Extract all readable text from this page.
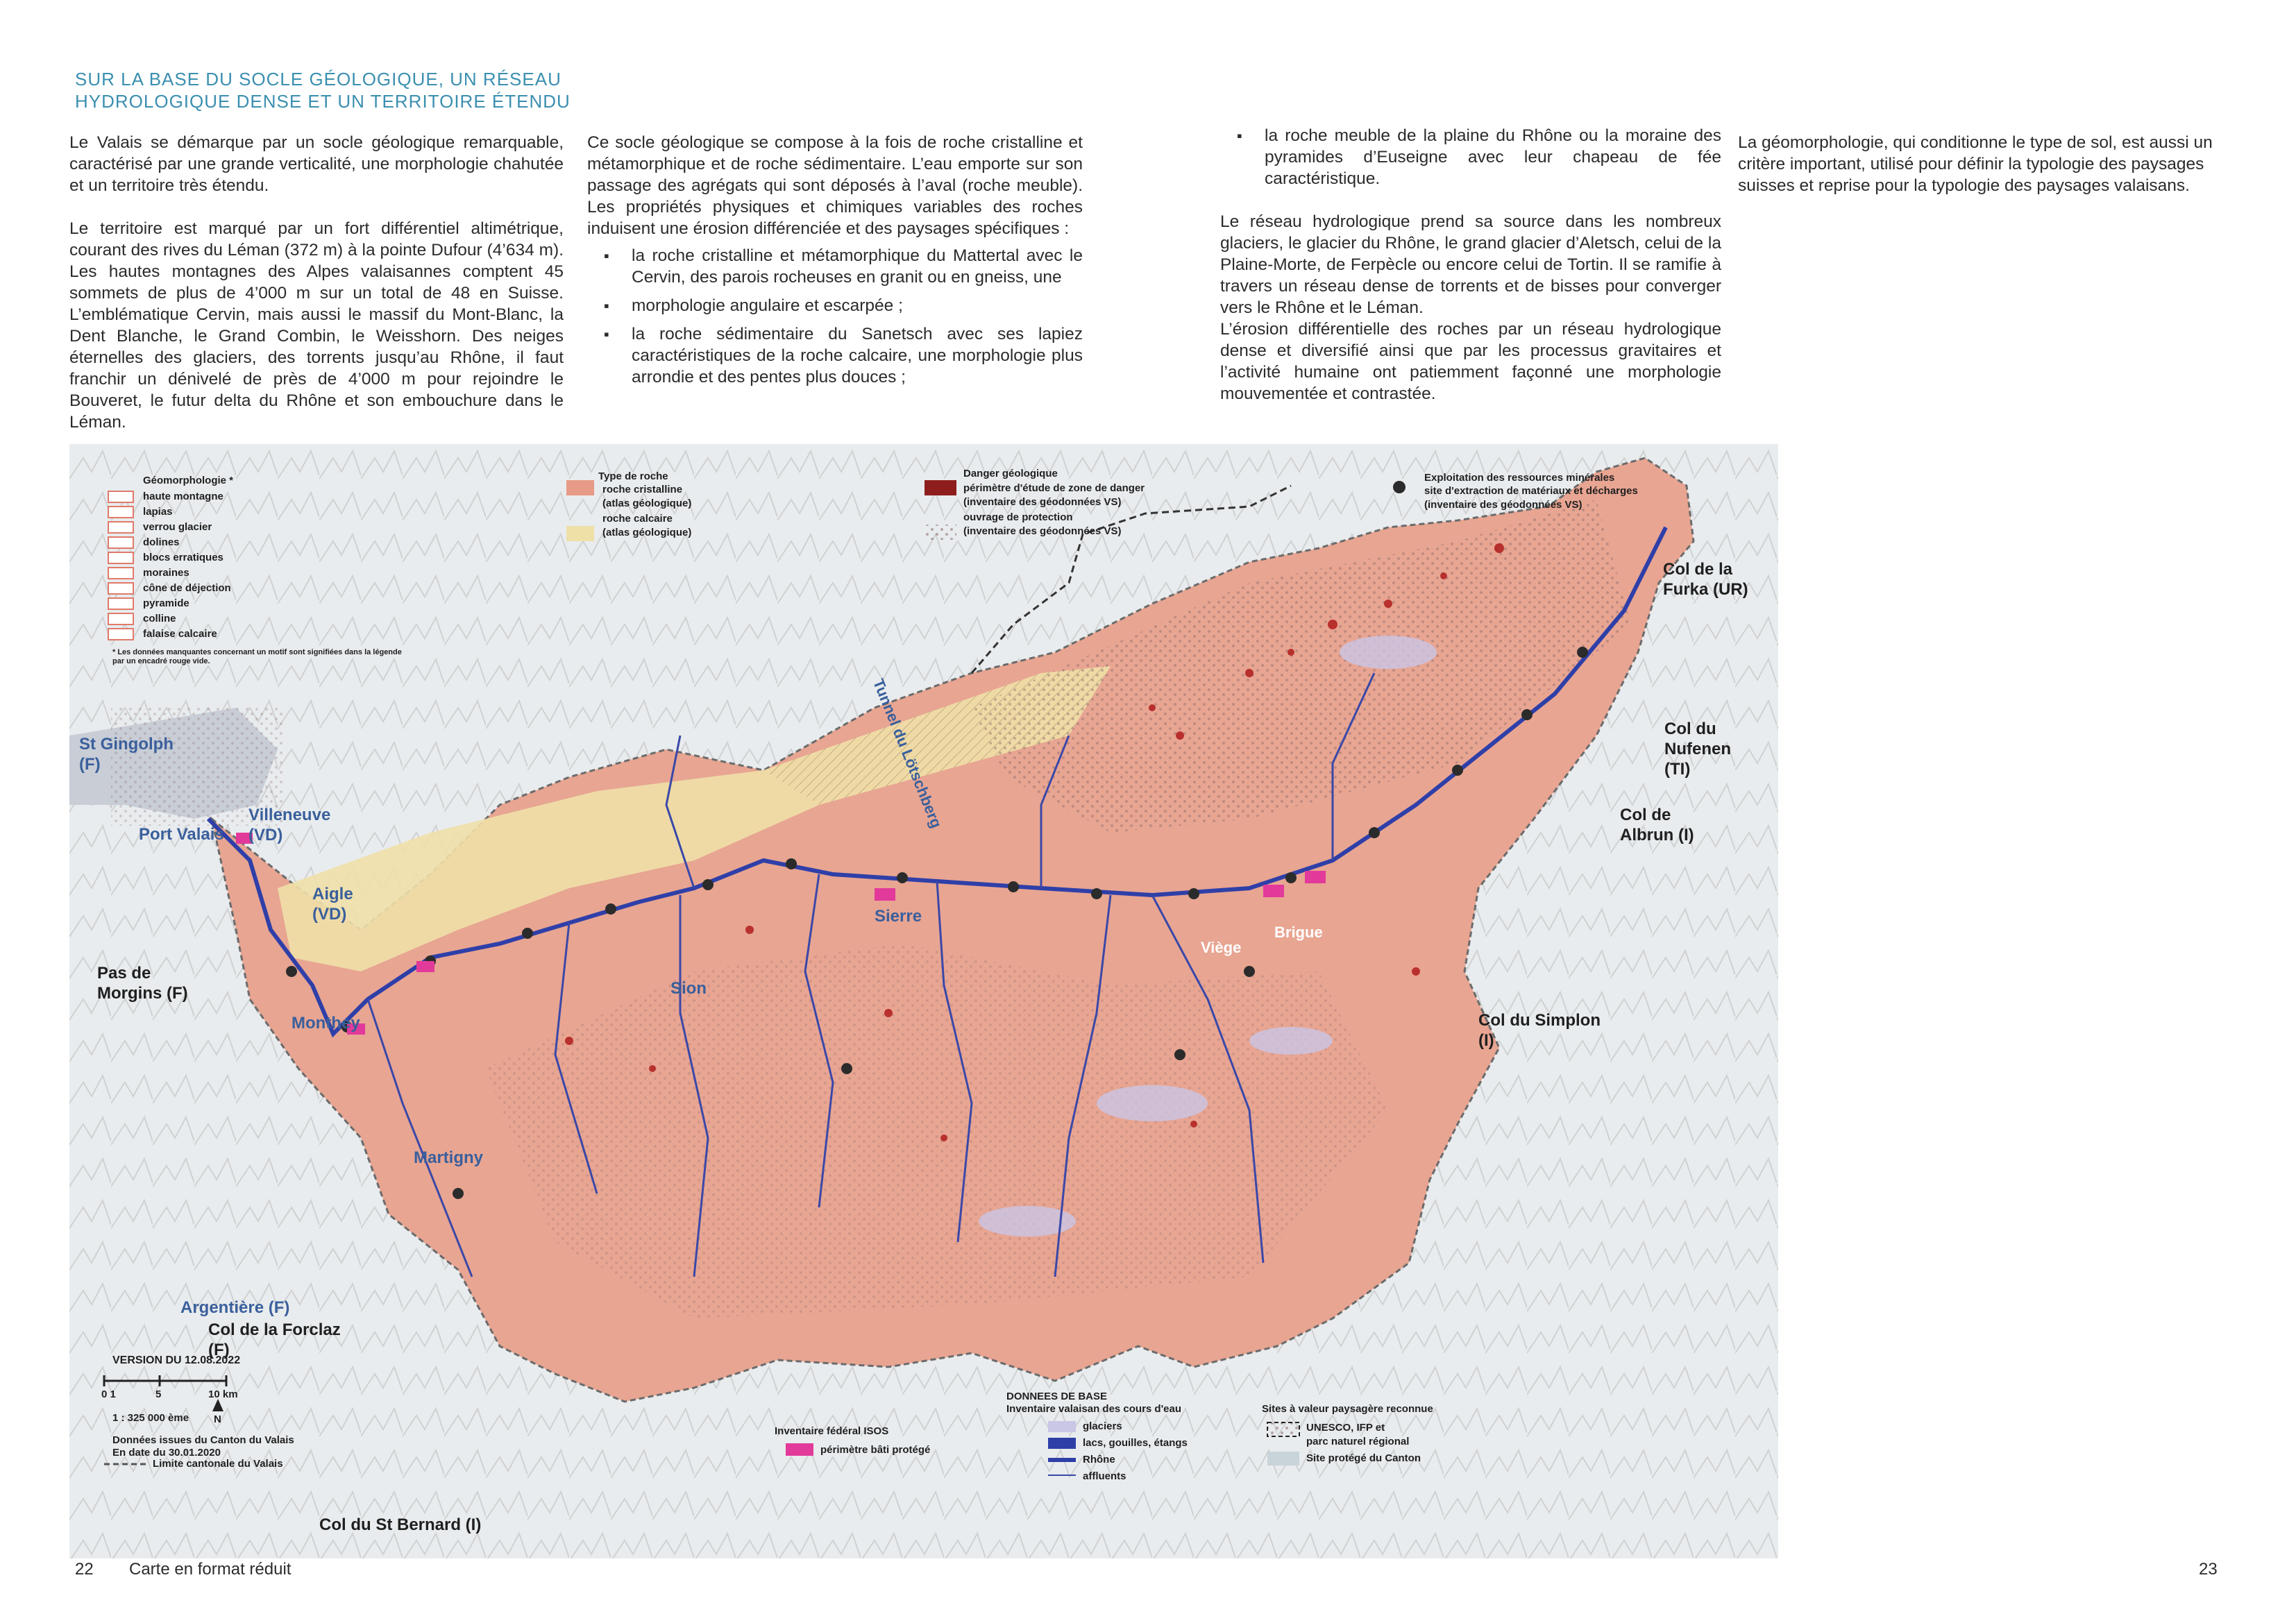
SUR LA BASE DU SOCLE GÉOLOGIQUE, UN RÉSEAU
HYDROLOGIQUE DENSE ET UN TERRITOIRE ÉTENDU

Le Valais se démarque par un socle géologique remarquable, caractérisé par une grande verticalité, une morphologie chahutée et un territoire très étendu.

Le territoire est marqué par un fort différentiel altimétrique, courant des rives du Léman (372 m) à la pointe Dufour (4’634 m). Les hautes montagnes des Alpes valaisannes comptent 45 sommets de plus de 4’000 m sur un total de 48 en Suisse. L’emblématique Cervin, mais aussi le massif du Mont-Blanc, la Dent Blanche, le Grand Combin, le Weisshorn. Des neiges éternelles des glaciers, des torrents jusqu’au Rhône, il faut franchir un dénivelé de près de 4’000 m pour rejoindre le Bouveret, le futur delta du Rhône et son embouchure dans le Léman.

Ce socle géologique se compose à la fois de roche cristalline et métamorphique et de roche sédimentaire. L’eau emporte sur son passage des agrégats qui sont déposés à l’aval (roche meuble). Les propriétés physiques et chimiques variables des roches induisent une érosion différenciée et des paysages spécifiques :

▪ la roche cristalline et métamorphique du Mattertal avec le Cervin, des parois rocheuses en granit ou en gneiss, une
▪ morphologie angulaire et escarpée ;
▪ la roche sédimentaire du Sanetsch avec ses lapiez caractéristiques de la roche calcaire, une morphologie plus arrondie et des pentes plus douces ;
▪ la roche meuble de la plaine du Rhône ou la moraine des pyramides d’Euseigne avec leur chapeau de fée caractéristique.

Le réseau hydrologique prend sa source dans les nombreux glaciers, le glacier du Rhône, le grand glacier d’Aletsch, celui de la Plaine-Morte, de Ferpècle ou encore celui de Tortin. Il se ramifie à travers un réseau dense de torrents et de bisses pour converger vers le Rhône et le Léman.

L’érosion différentielle des roches par un réseau hydrologique dense et diversifié ainsi que par les processus gravitaires et l’activité humaine ont patiemment façonné une morphologie mouvementée et contrastée.

La géomorphologie, qui conditionne le type de sol, est aussi un critère important, utilisé pour définir la typologie des paysages suisses et reprise pour la typologie des paysages valaisans.

Géomorphologie *
haute montagne
lapias
verrou glacier
dolines
blocs erratiques
moraines
cône de déjection
pyramide
colline
falaise calcaire
* Les données manquantes concernant un motif sont signifiées dans la légende par un encadré rouge vide.
Type de roche
roche cristalline
(atlas géologique)
roche calcaire
(atlas géologique)
Danger géologique
périmètre d'étude de zone de danger
(inventaire des géodonnées VS)
ouvrage de protection
(inventaire des géodonnées VS)
Exploitation des ressources minérales
site d'extraction de matériaux et décharges
(inventaire des géodonnées VS)
St Gingolph
(F)
Villeneuve
(VD)
Port Valais
Aigle
(VD)
Pas de
Morgins (F)
Monthey
Sion
Sierre
Viège
Brigue
Martigny
Argentière (F)
Col de la Forclaz
(F)
Col du St Bernard (I)
Col du Simplon
(I)
Col de
Albrun (I)
Col du Nufenen
(TI)
Col de la
Furka (UR)
Tunnel du Lötschberg
VERSION DU 12.08.2022
0 1	5	10 km
1 : 325 000 ème N
Données issues du Canton du Valais
En date du 30.01.2020
Limite cantonale du Valais
Inventaire fédéral ISOS
périmètre bâti protégé
DONNEES DE BASE
Inventaire valaisan des cours d'eau
glaciers
lacs, gouilles, étangs
Rhône
affluents
Sites à valeur paysagère reconnue
UNESCO, IFP et
parc naturel régional
Site protégé du Canton
22 Carte en format réduit	23
